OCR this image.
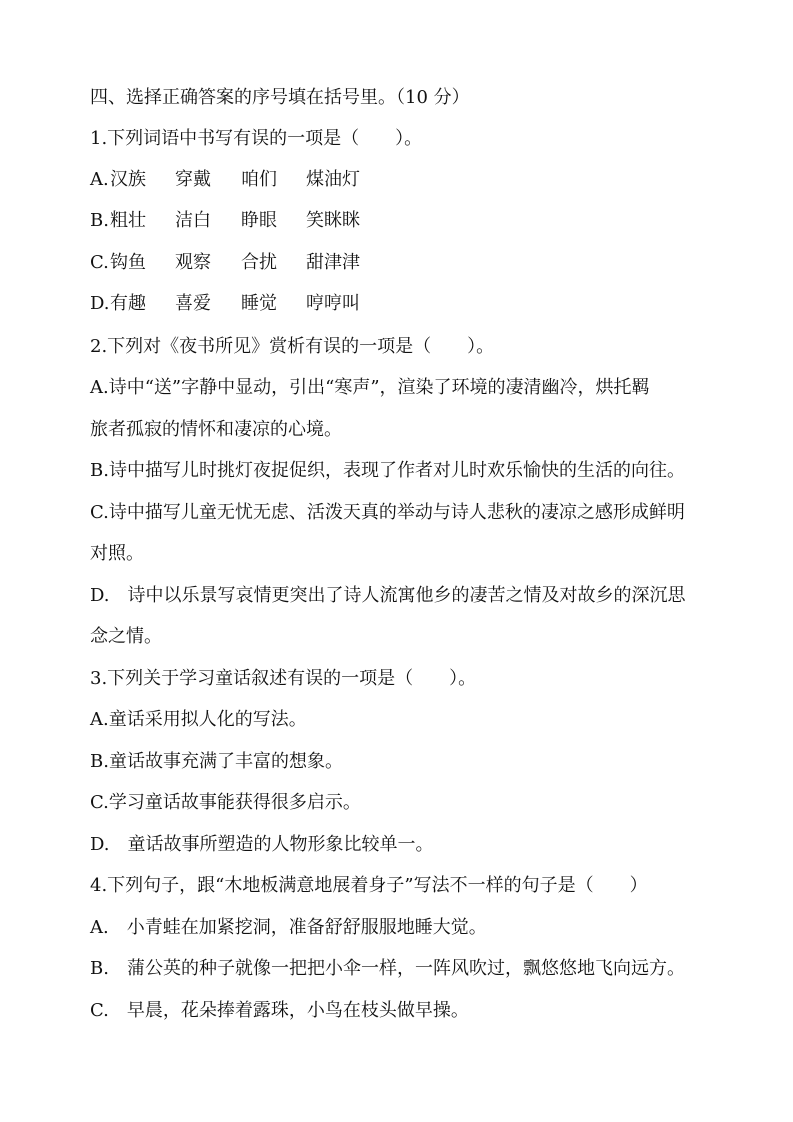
四、选择正确答案的序号填在括号里。（10 分）
1.下列词语中书写有误的一项是（　　）。
A. 汉族	穿戴	咱们	煤油灯
B. 粗壮	洁白	睁眼	笑眯眯
C. 钩鱼	观察	合扰	甜津津
D. 有趣	喜爱	睡觉	哼哼叫
2.下列对《夜书所见》赏析有误的一项是（　　）。
A.诗中“送”字静中显动，引出“寒声”，渲染了环境的凄清幽冷，烘托羁
旅者孤寂的情怀和凄凉的心境。
B.诗中描写儿时挑灯夜捉促织，表现了作者对儿时欢乐愉快的生活的向往。
C.诗中描写儿童无忧无虑、活泼天真的举动与诗人悲秋的凄凉之感形成鲜明
对照。
D.　诗中以乐景写哀情更突出了诗人流寓他乡的凄苦之情及对故乡的深沉思
念之情。
3.下列关于学习童话叙述有误的一项是（　　）。
A.童话采用拟人化的写法。
B.童话故事充满了丰富的想象。
C.学习童话故事能获得很多启示。
D.　童话故事所塑造的人物形象比较单一。
4.下列句子，跟“木地板满意地展着身子”写法不一样的句子是（　　）
A.　小青蛙在加紧挖洞，准备舒舒服服地睡大觉。
B.　蒲公英的种子就像一把把小伞一样，一阵风吹过，飘悠悠地飞向远方。
C.　早晨，花朵捧着露珠，小鸟在枝头做早操。
